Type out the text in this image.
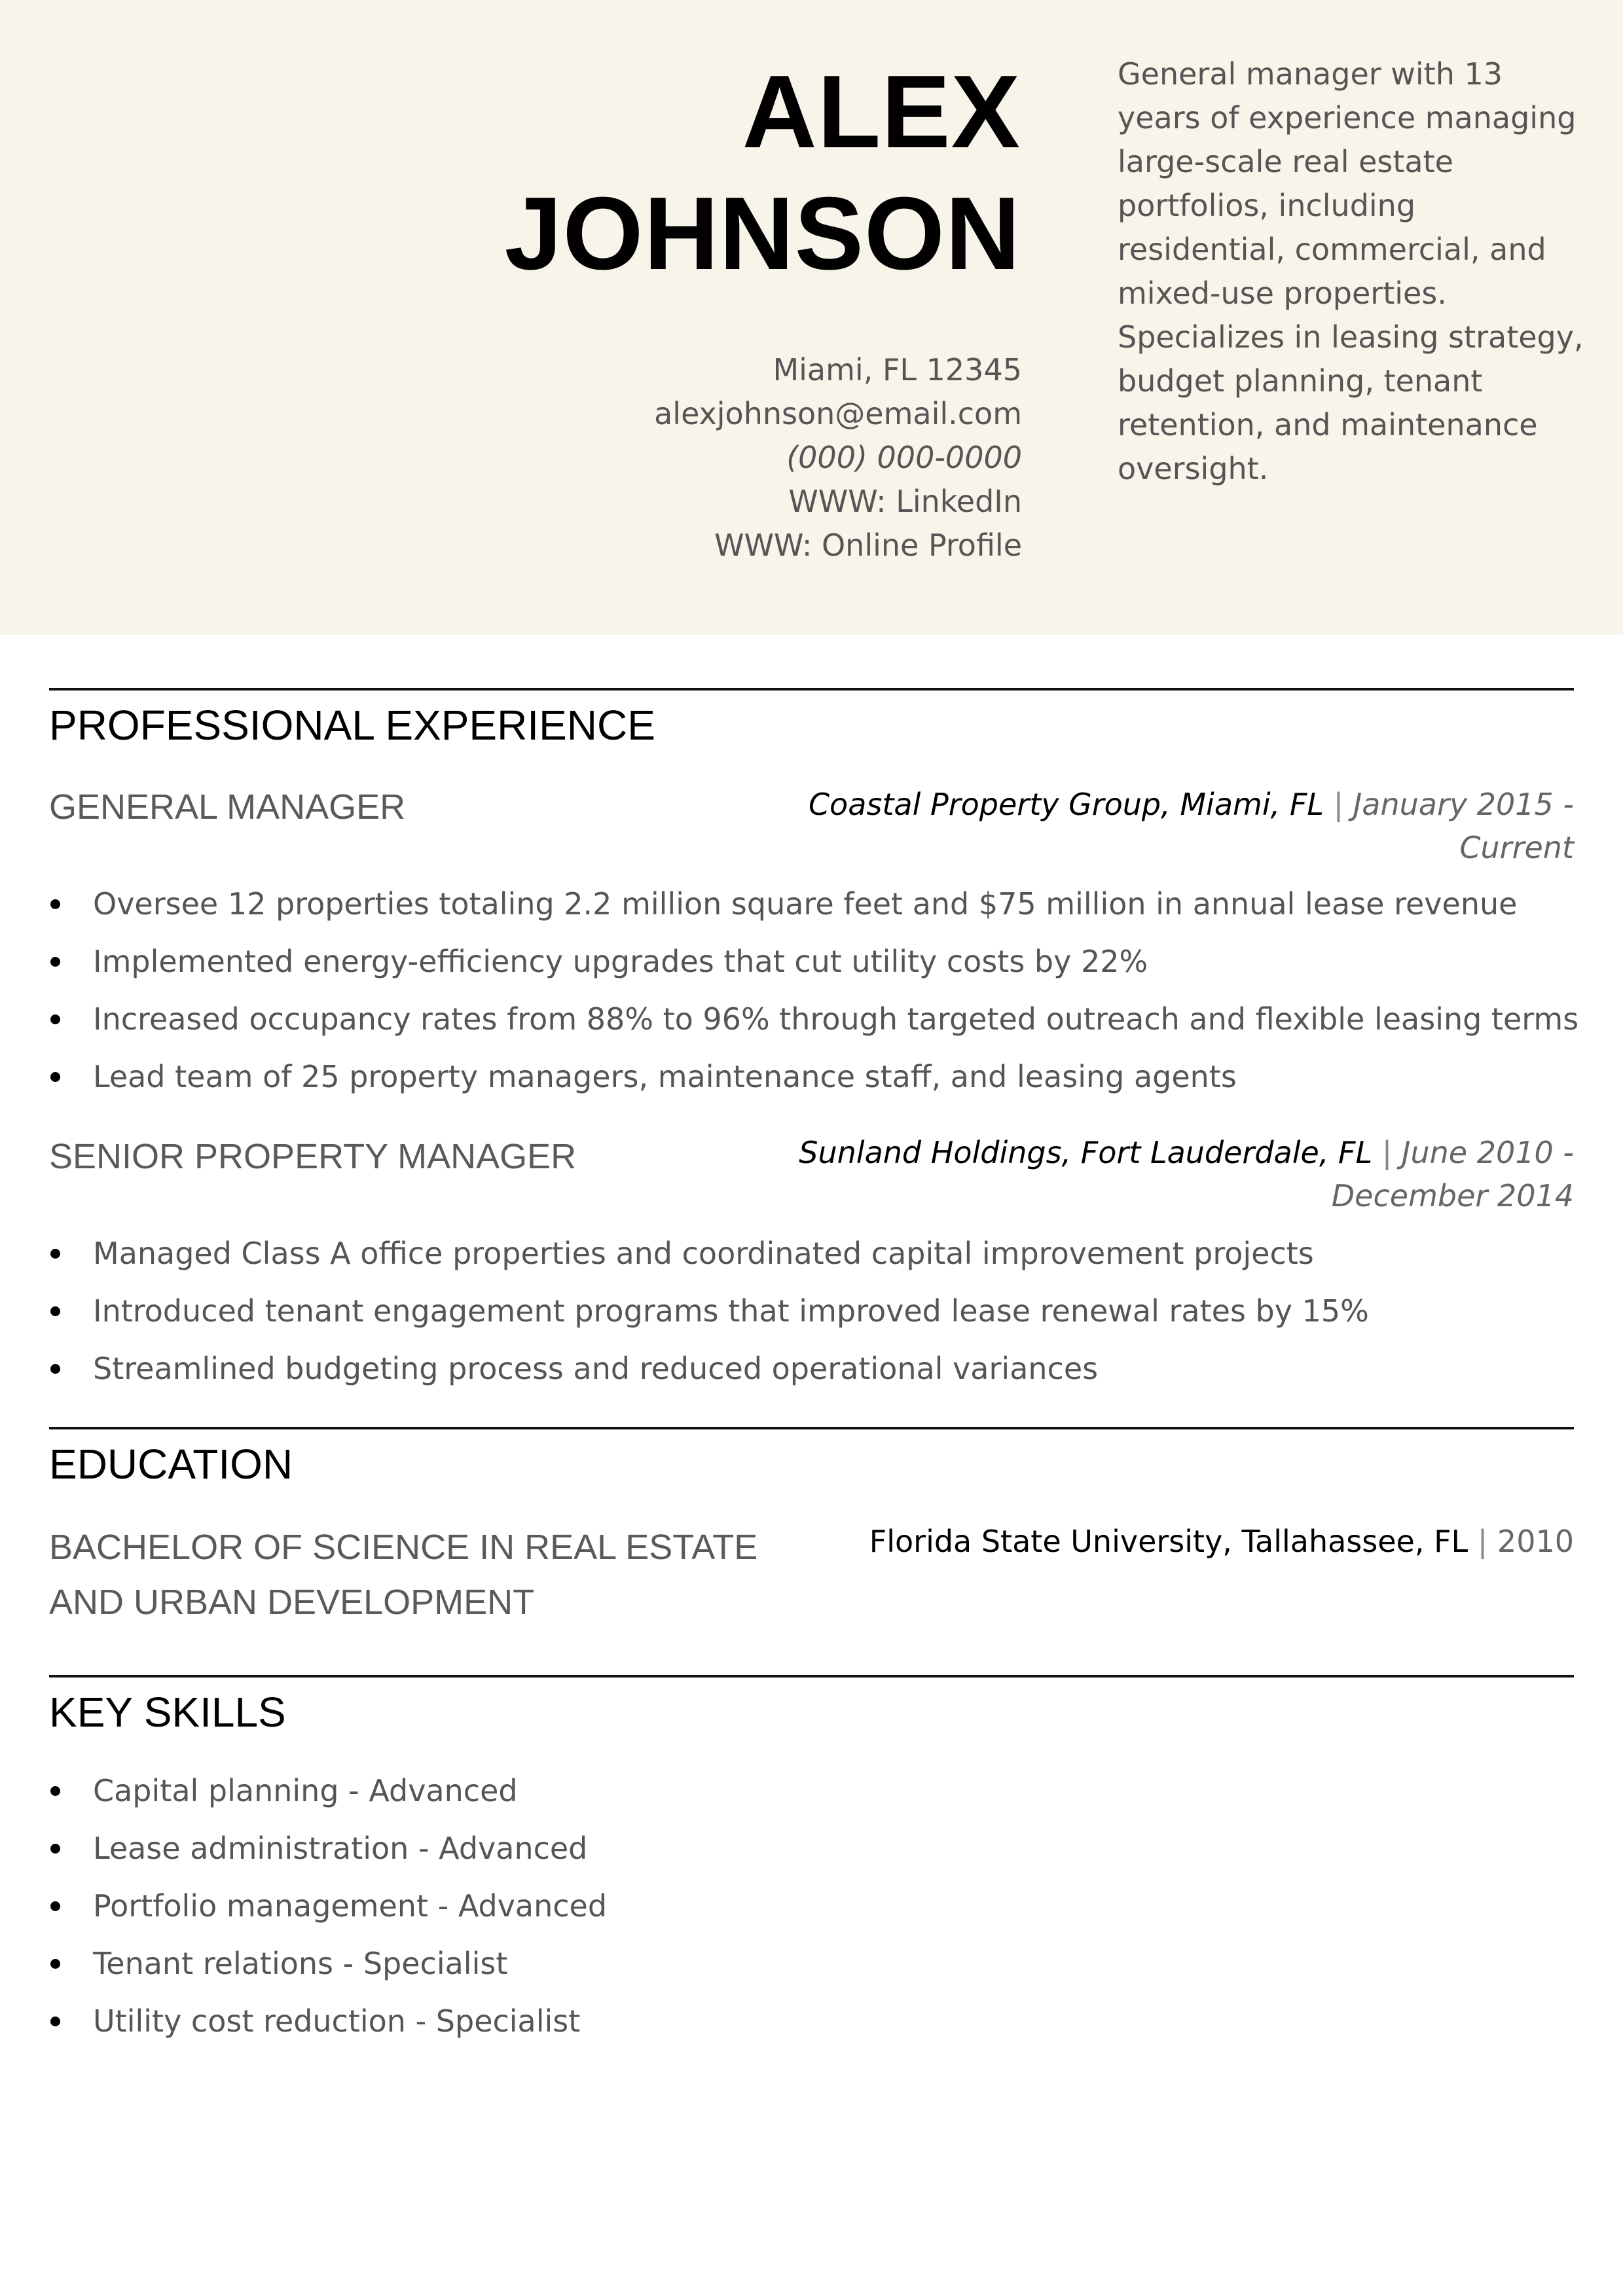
ALEX
JOHNSON
Miami, FL 12345
alexjohnson@email.com
(000) 000-0000
WWW: LinkedIn
WWW: Online Profile
General manager with 13 years of experience managing large-scale real estate portfolios, including residential, commercial, and mixed-use properties. Specializes in leasing strategy, budget planning, tenant retention, and maintenance oversight.
PROFESSIONAL EXPERIENCE
GENERAL MANAGER	Coastal Property Group, Miami, FL | January 2015 -
Current
Oversee 12 properties totaling 2.2 million square feet and $75 million in annual lease revenue
Implemented energy-efficiency upgrades that cut utility costs by 22%
Increased occupancy rates from 88% to 96% through targeted outreach and flexible leasing terms
Lead team of 25 property managers, maintenance staff, and leasing agents
SENIOR PROPERTY MANAGER	Sunland Holdings, Fort Lauderdale, FL | June 2010 -
December 2014
Managed Class A office properties and coordinated capital improvement projects
Introduced tenant engagement programs that improved lease renewal rates by 15%
Streamlined budgeting process and reduced operational variances
EDUCATION
BACHELOR OF SCIENCE IN REAL ESTATE
AND URBAN DEVELOPMENT
Florida State University, Tallahassee, FL | 2010
KEY SKILLS
Capital planning - Advanced
Lease administration - Advanced
Portfolio management - Advanced
Tenant relations - Specialist
Utility cost reduction - Specialist
